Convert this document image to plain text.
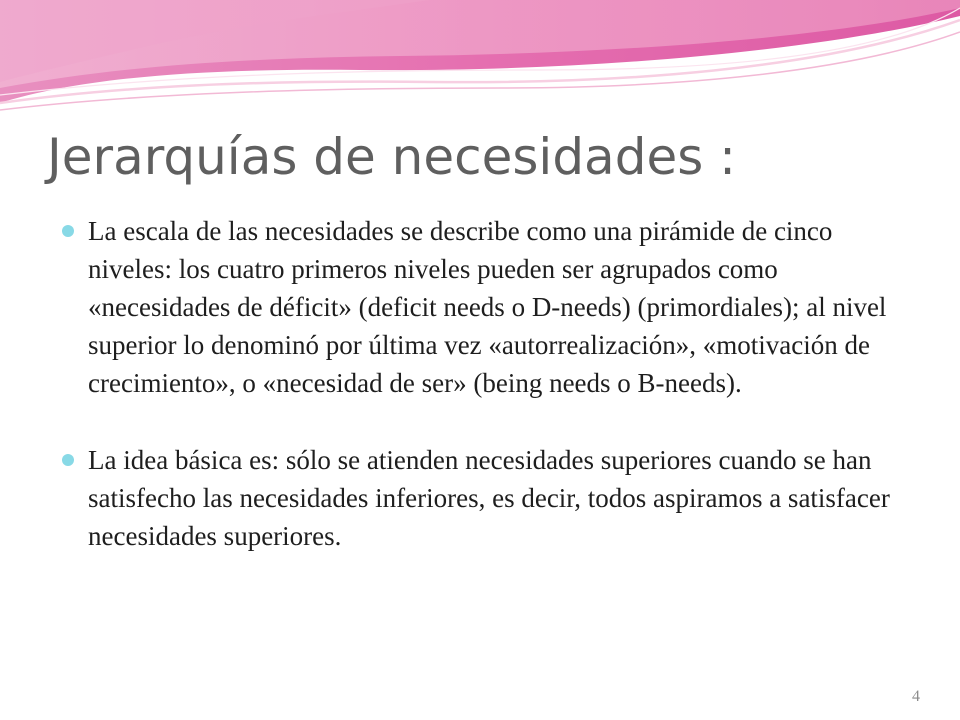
Jerarquías de necesidades :
La escala de las necesidades se describe como una pirámide de cinco niveles: los cuatro primeros niveles pueden ser agrupados como «necesidades de déficit» (deficit needs o D-needs) (primordiales); al nivel superior lo denominó por última vez «autorrealización», «motivación de crecimiento», o «necesidad de ser» (being needs o B-needs).
La idea básica es: sólo se atienden necesidades superiores cuando se han satisfecho las necesidades inferiores, es decir, todos aspiramos a satisfacer necesidades superiores.
4
